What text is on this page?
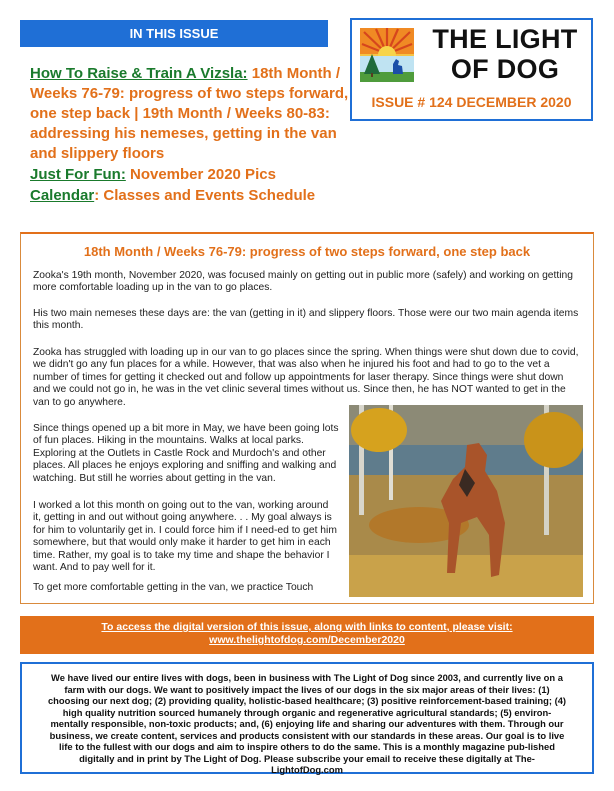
IN THIS ISSUE

How To Raise & Train A Vizsla: 18th Month / Weeks 76-79: progress of two steps forward, one step back | 19th Month / Weeks 80-83: addressing his nemeses, getting in the van and slippery floors

Just For Fun: November 2020 Pics

Calendar: Classes and Events Schedule

THE LIGHT OF DOG
ISSUE # 124 DECEMBER 2020
18th Month / Weeks 76-79: progress of two steps forward, one step back

Zooka's 19th month, November 2020, was focused mainly on getting out in public more (safely) and working on getting more comfortable loading up in the van to go places.

His two main nemeses these days are: the van (getting in it) and slippery floors. Those were our two main agenda items this month.

Zooka has struggled with loading up in our van to go places since the spring. When things were shut down due to covid, we didn't go any fun places for a while. However, that was also when he injured his foot and had to go to the vet a number of times for getting it checked out and follow up appointments for laser therapy. Since things were shut down and we could not go in, he was in the vet clinic several times without us. Since then, he has NOT wanted to get in the van to go anywhere.

Since things opened up a bit more in May, we have been going lots of fun places. Hiking in the mountains. Walks at local parks. Exploring at the Outlets in Castle Rock and Murdoch's and other places. All places he enjoys exploring and sniffing and walking and watching. But still he worries about getting in the van.

I worked a lot this month on going out to the van, working around it, getting in and out without going anywhere. . . My goal always is for him to voluntarily get in. I could force him if I need-ed to get him somewhere, but that would only make it harder to get him in each time. Rather, my goal is to take my time and shape the behavior I want. And to pay well for it.

To get more comfortable getting in the van, we practice Touch

To access the digital version of this issue, along with links to content, please visit:
www.thelightofdog.com/December2020
We have lived our entire lives with dogs, been in business with The Light of Dog since 2003, and currently live on a farm with our dogs. We want to positively impact the lives of our dogs in the six major areas of their lives: (1) choosing our next dog; (2) providing quality, holistic-based healthcare; (3) positive reinforcement-based training; (4) high quality nutrition sourced humanely through organic and regenerative agricultural standards; (5) environ-mentally responsible, non-toxic products; and, (6) enjoying life and sharing our adventures with them. Through our business, we create content, services and products consistent with our standards in these areas. Our goal is to live life to the fullest with our dogs and aim to inspire others to do the same. This is a monthly magazine pub-lished digitally and in print by The Light of Dog. Please subscribe your email to receive these digitally at The-LightofDog.com
